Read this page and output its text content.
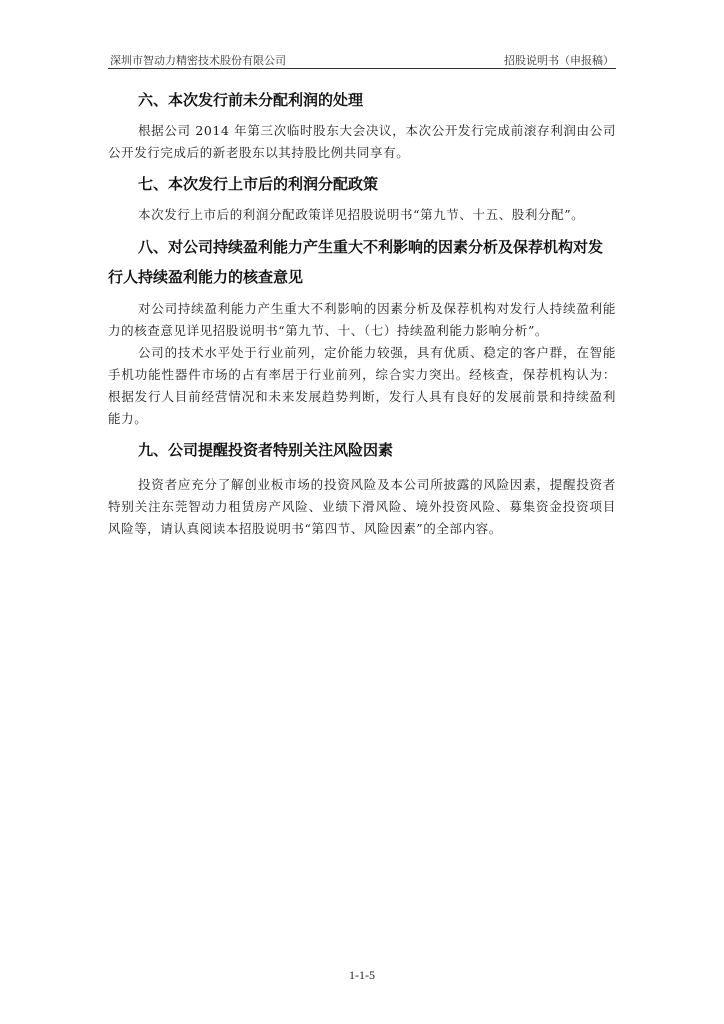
深圳市智动力精密技术股份有限公司	招股说明书（申报稿）

六、本次发行前未分配利润的处理

根据公司 2014 年第三次临时股东大会决议，本次公开发行完成前滚存利润由公司公开发行完成后的新老股东以其持股比例共同享有。

七、本次发行上市后的利润分配政策

本次发行上市后的利润分配政策详见招股说明书“第九节、十五、股利分配”。

八、对公司持续盈利能力产生重大不利影响的因素分析及保荐机构对发行人持续盈利能力的核查意见

对公司持续盈利能力产生重大不利影响的因素分析及保荐机构对发行人持续盈利能力的核查意见详见招股说明书“第九节、十、（七）持续盈利能力影响分析”。

公司的技术水平处于行业前列，定价能力较强，具有优质、稳定的客户群，在智能手机功能性器件市场的占有率居于行业前列，综合实力突出。经核查，保荐机构认为：根据发行人目前经营情况和未来发展趋势判断，发行人具有良好的发展前景和持续盈利能力。

九、公司提醒投资者特别关注风险因素

投资者应充分了解创业板市场的投资风险及本公司所披露的风险因素，提醒投资者特别关注东莞智动力租赁房产风险、业绩下滑风险、境外投资风险、募集资金投资项目风险等，请认真阅读本招股说明书“第四节、风险因素”的全部内容。

1-1-5
